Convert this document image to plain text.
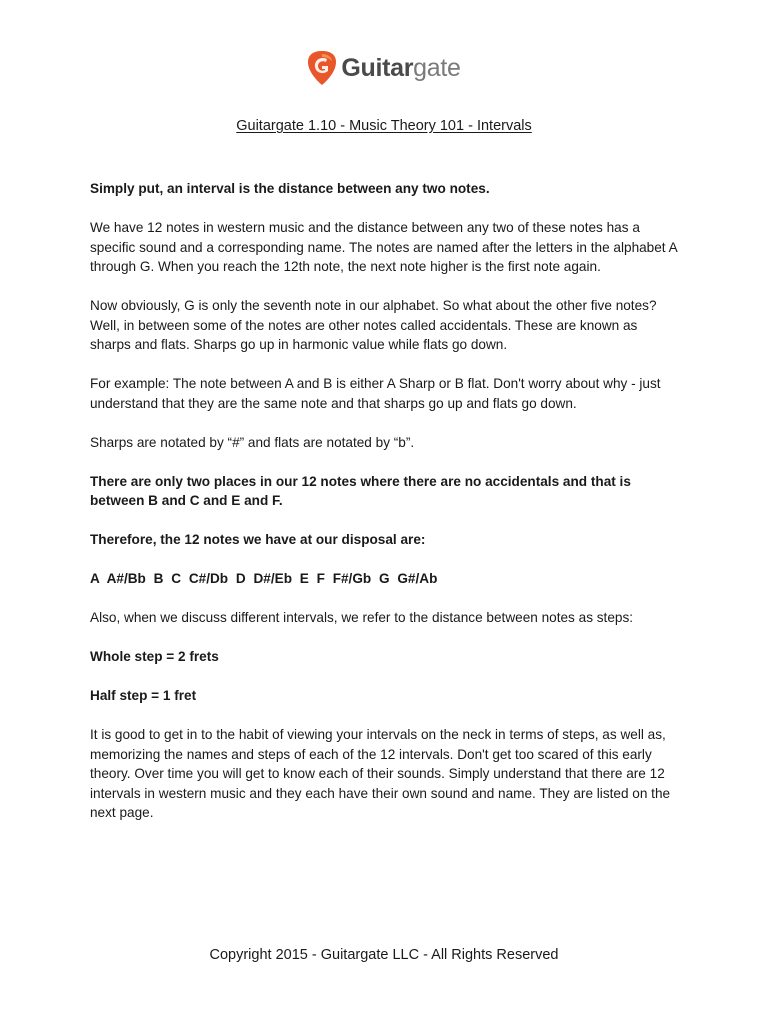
Guitargate
Guitargate 1.10 - Music Theory 101 - Intervals

Simply put, an interval is the distance between any two notes.

We have 12 notes in western music and the distance between any two of these notes has a specific sound and a corresponding name. The notes are named after the letters in the alphabet A through G. When you reach the 12th note, the next note higher is the first note again.

Now obviously, G is only the seventh note in our alphabet. So what about the other five notes? Well, in between some of the notes are other notes called accidentals. These are known as sharps and flats. Sharps go up in harmonic value while flats go down.

For example: The note between A and B is either A Sharp or B flat. Don't worry about why - just understand that they are the same note and that sharps go up and flats go down.

Sharps are notated by “#” and flats are notated by “b”.

There are only two places in our 12 notes where there are no accidentals and that is between B and C and E and F.

Therefore, the 12 notes we have at our disposal are:

A A#/Bb B C C#/Db D D#/Eb E F F#/Gb G G#/Ab

Also, when we discuss different intervals, we refer to the distance between notes as steps:

Whole step = 2 frets

Half step = 1 fret

It is good to get in to the habit of viewing your intervals on the neck in terms of steps, as well as, memorizing the names and steps of each of the 12 intervals. Don't get too scared of this early theory. Over time you will get to know each of their sounds. Simply understand that there are 12 intervals in western music and they each have their own sound and name. They are listed on the next page.

Copyright 2015 - Guitargate LLC - All Rights Reserved
